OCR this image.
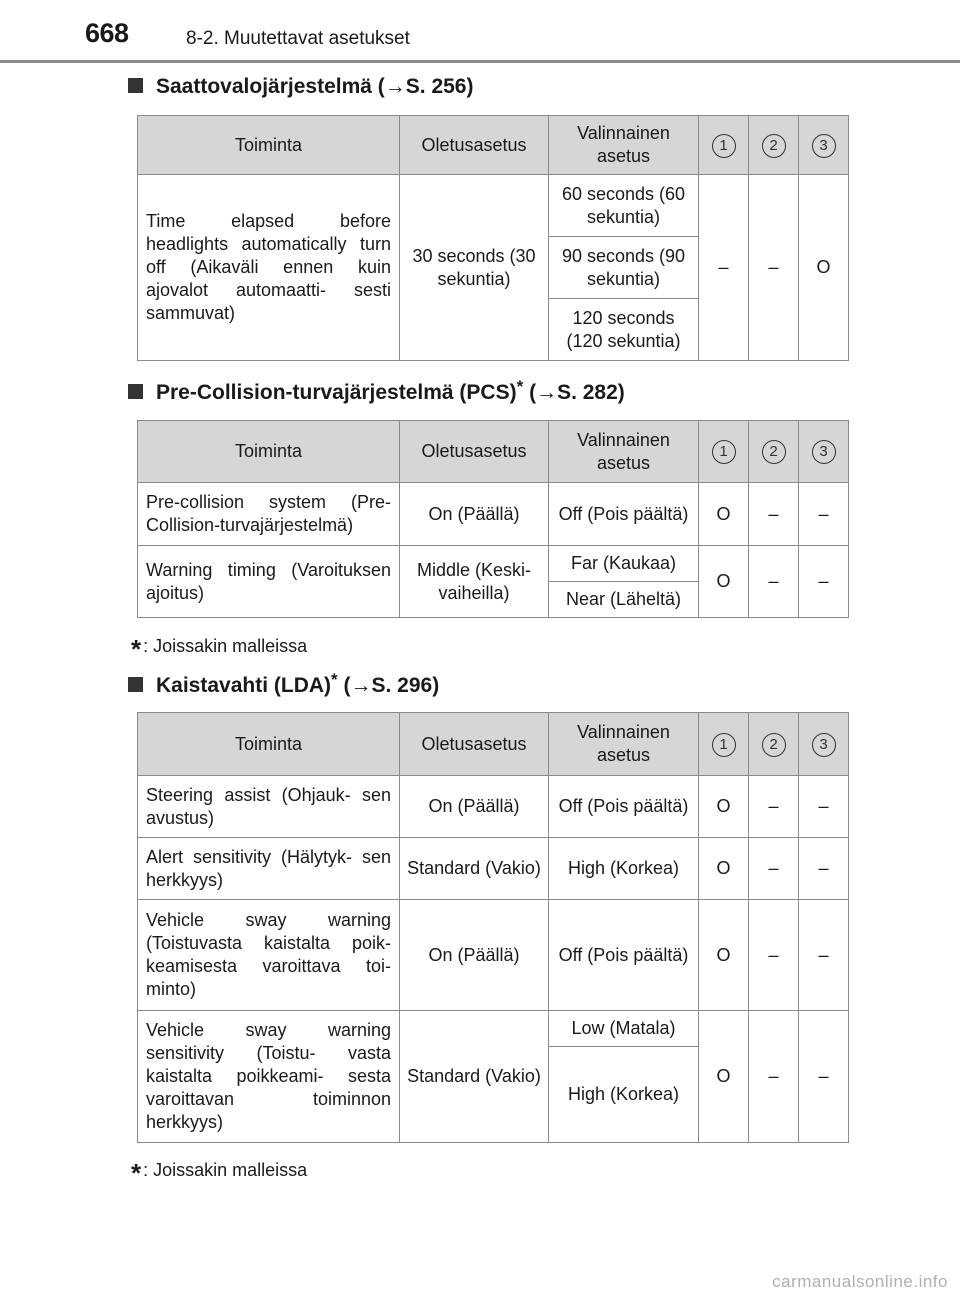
668	8-2. Muutettavat asetukset
Saattovalojärjestelmä (→S. 256)
Toiminta	Oletusasetus	Valinnainen asetus	1	2	3
Time elapsed before headlights automatically turn off (Aikaväli ennen kuin ajovalot automaatti- sesti sammuvat)	30 seconds (30 sekuntia)	60 seconds (60 sekuntia)	–	–	O
		90 seconds (90 sekuntia)			
		120 seconds (120 sekuntia)			
Pre-Collision-turvajärjestelmä (PCS)* (→S. 282)
Toiminta	Oletusasetus	Valinnainen asetus	1	2	3
Pre-collision system (Pre- Collision-turvajärjestelmä)	On (Päällä)	Off (Pois päältä)	O	–	–
Warning timing (Varoituksen ajoitus)	Middle (Keski- vaiheilla)	Far (Kaukaa)	O	–	–
		Near (Läheltä)			
* : Joissakin malleissa
Kaistavahti (LDA)* (→S. 296)
Toiminta	Oletusasetus	Valinnainen asetus	1	2	3
Steering assist (Ohjauk- sen avustus)	On (Päällä)	Off (Pois päältä)	O	–	–
Alert sensitivity (Hälytyk- sen herkkyys)	Standard (Vakio)	High (Korkea)	O	–	–
Vehicle sway warning (Toistuvasta kaistalta poik- keamisesta varoittava toi- minto)	On (Päällä)	Off (Pois päältä)	O	–	–
Vehicle sway warning sensitivity (Toistu- vasta kaistalta poikkeami- sesta varoittavan toiminnon herkkyys)	Standard (Vakio)	Low (Matala)	O	–	–
		High (Korkea)			
* : Joissakin malleissa
carmanualsonline.info
